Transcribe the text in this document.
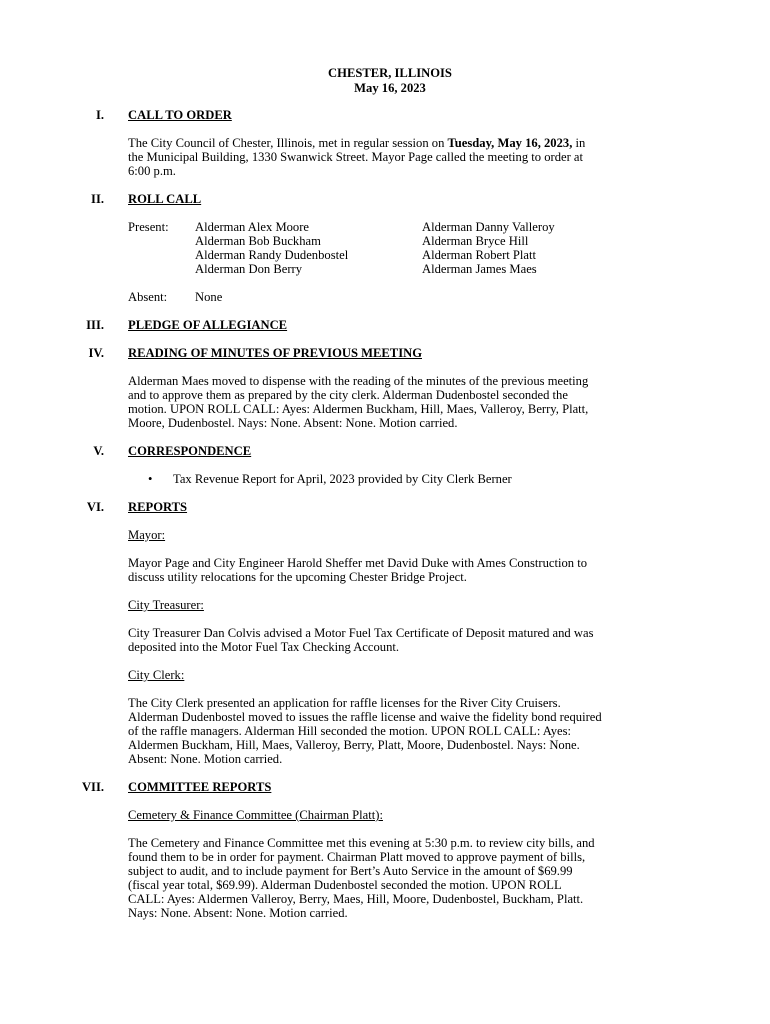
CHESTER, ILLINOIS
May 16, 2023
I. CALL TO ORDER
The City Council of Chester, Illinois, met in regular session on Tuesday, May 16, 2023, in
the Municipal Building, 1330 Swanwick Street. Mayor Page called the meeting to order at
6:00 p.m.
II. ROLL CALL
Present: Alderman Alex Moore
Alderman Bob Buckham
Alderman Randy Dudenbostel
Alderman Don Berry
Alderman Danny Valleroy
Alderman Bryce Hill
Alderman Robert Platt
Alderman James Maes
Absent: None
III. PLEDGE OF ALLEGIANCE
IV. READING OF MINUTES OF PREVIOUS MEETING
Alderman Maes moved to dispense with the reading of the minutes of the previous meeting
and to approve them as prepared by the city clerk. Alderman Dudenbostel seconded the
motion. UPON ROLL CALL: Ayes: Aldermen Buckham, Hill, Maes, Valleroy, Berry, Platt,
Moore, Dudenbostel. Nays: None. Absent: None. Motion carried.
V. CORRESPONDENCE
• Tax Revenue Report for April, 2023 provided by City Clerk Berner
VI. REPORTS
Mayor:
Mayor Page and City Engineer Harold Sheffer met David Duke with Ames Construction to
discuss utility relocations for the upcoming Chester Bridge Project.
City Treasurer:
City Treasurer Dan Colvis advised a Motor Fuel Tax Certificate of Deposit matured and was
deposited into the Motor Fuel Tax Checking Account.
City Clerk:
The City Clerk presented an application for raffle licenses for the River City Cruisers.
Alderman Dudenbostel moved to issues the raffle license and waive the fidelity bond required
of the raffle managers. Alderman Hill seconded the motion. UPON ROLL CALL: Ayes:
Aldermen Buckham, Hill, Maes, Valleroy, Berry, Platt, Moore, Dudenbostel. Nays: None.
Absent: None. Motion carried.
VII. COMMITTEE REPORTS
Cemetery & Finance Committee (Chairman Platt):
The Cemetery and Finance Committee met this evening at 5:30 p.m. to review city bills, and
found them to be in order for payment. Chairman Platt moved to approve payment of bills,
subject to audit, and to include payment for Bert’s Auto Service in the amount of $69.99
(fiscal year total, $69.99). Alderman Dudenbostel seconded the motion. UPON ROLL
CALL: Ayes: Aldermen Valleroy, Berry, Maes, Hill, Moore, Dudenbostel, Buckham, Platt.
Nays: None. Absent: None. Motion carried.
